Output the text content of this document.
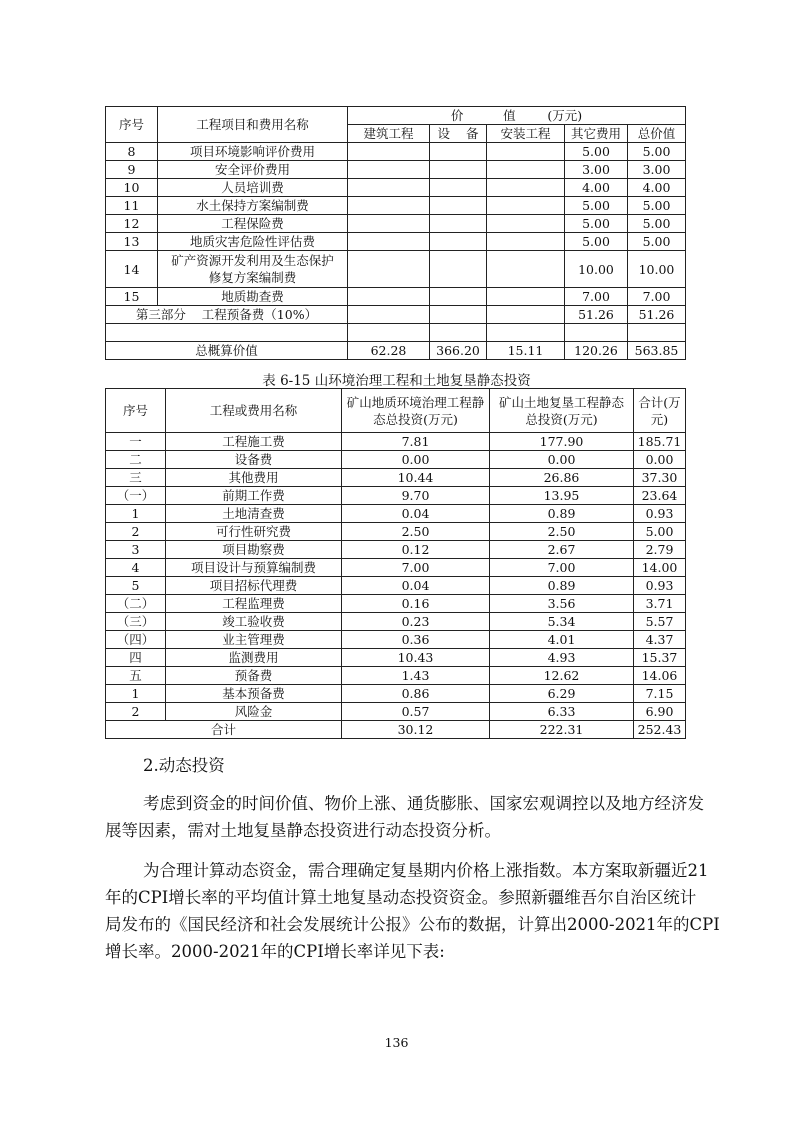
序号	工程项目和费用名称	价          值        (万元)				
		建筑工程	设    备	安装工程	其它费用	总价值
8	项目环境影响评价费用				5.00	5.00
9	安全评价费用				3.00	3.00
10	人员培训费				4.00	4.00
11	水土保持方案编制费				5.00	5.00
12	工程保险费				5.00	5.00
13	地质灾害危险性评估费				5.00	5.00
14	矿产资源开发利用及生态保护修复方案编制费				10.00	10.00
15	地质勘查费				7.00	7.00
第三部分    工程预备费（10%）					51.26	51.26

总概算价值		62.28	366.20	15.11	120.26	563.85
表 6-15 山环境治理工程和土地复垦静态投资
序号	工程或费用名称	矿山地质环境治理工程静态总投资(万元)	矿山土地复垦工程静态总投资(万元)	合计(万元)
一	工程施工费	7.81	177.90	185.71
二	设备费	0.00	0.00	0.00
三	其他费用	10.44	26.86	37.30
（一）	前期工作费	9.70	13.95	23.64
1	土地清查费	0.04	0.89	0.93
2	可行性研究费	2.50	2.50	5.00
3	项目勘察费	0.12	2.67	2.79
4	项目设计与预算编制费	7.00	7.00	14.00
5	项目招标代理费	0.04	0.89	0.93
（二）	工程监理费	0.16	3.56	3.71
（三）	竣工验收费	0.23	5.34	5.57
（四）	业主管理费	0.36	4.01	4.37
四	监测费用	10.43	4.93	15.37
五	预备费	1.43	12.62	14.06
1	基本预备费	0.86	6.29	7.15
2	风险金	0.57	6.33	6.90
合计		30.12	222.31	252.43
2.动态投资
考虑到资金的时间价值、物价上涨、通货膨胀、国家宏观调控以及地方经济发
展等因素，需对土地复垦静态投资进行动态投资分析。
为合理计算动态资金，需合理确定复垦期内价格上涨指数。本方案取新疆近21
年的CPI增长率的平均值计算土地复垦动态投资资金。参照新疆维吾尔自治区统计
局发布的《国民经济和社会发展统计公报》公布的数据，计算出2000-2021年的CPI
增长率。2000-2021年的CPI增长率详见下表:
136
